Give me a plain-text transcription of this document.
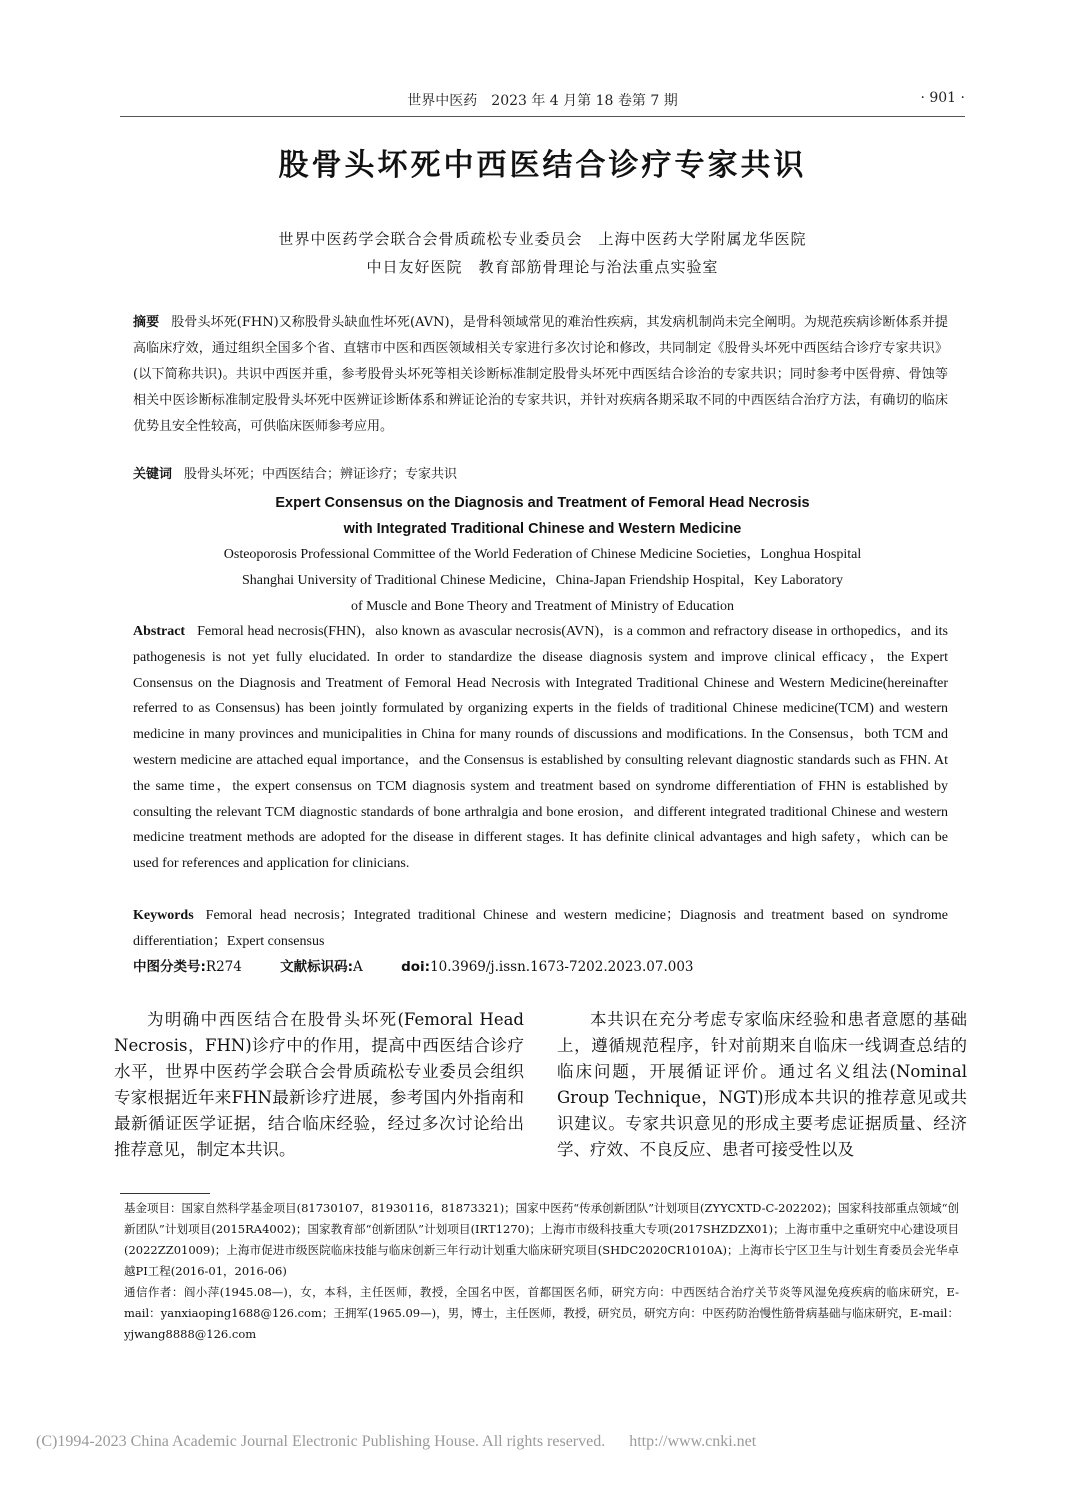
世界中医药　2023 年 4 月第 18 卷第 7 期	· 901 ·
股骨头坏死中西医结合诊疗专家共识
世界中医药学会联合会骨质疏松专业委员会　上海中医药大学附属龙华医院
中日友好医院　教育部筋骨理论与治法重点实验室
摘要 股骨头坏死(FHN)又称股骨头缺血性坏死(AVN)，是骨科领域常见的难治性疾病，其发病机制尚未完全阐明。为规范疾病诊断体系并提高临床疗效，通过组织全国多个省、直辖市中医和西医领域相关专家进行多次讨论和修改，共同制定《股骨头坏死中西医结合诊疗专家共识》(以下简称共识)。共识中西医并重，参考股骨头坏死等相关诊断标准制定股骨头坏死中西医结合诊治的专家共识；同时参考中医骨痹、骨蚀等相关中医诊断标准制定股骨头坏死中医辨证诊断体系和辨证论治的专家共识，并针对疾病各期采取不同的中西医结合治疗方法，有确切的临床优势且安全性较高，可供临床医师参考应用。
关键词 股骨头坏死；中西医结合；辨证诊疗；专家共识
Expert Consensus on the Diagnosis and Treatment of Femoral Head Necrosis
with Integrated Traditional Chinese and Western Medicine
Osteoporosis Professional Committee of the World Federation of Chinese Medicine Societies，Longhua Hospital
Shanghai University of Traditional Chinese Medicine，China-Japan Friendship Hospital，Key Laboratory
of Muscle and Bone Theory and Treatment of Ministry of Education
Abstract Femoral head necrosis(FHN)，also known as avascular necrosis(AVN)，is a common and refractory disease in orthopedics，and its pathogenesis is not yet fully elucidated. In order to standardize the disease diagnosis system and improve clinical efficacy，the Expert Consensus on the Diagnosis and Treatment of Femoral Head Necrosis with Integrated Traditional Chinese and Western Medicine(hereinafter referred to as Consensus) has been jointly formulated by organizing experts in the fields of traditional Chinese medicine(TCM) and western medicine in many provinces and municipalities in China for many rounds of discussions and modifications. In the Consensus，both TCM and western medicine are attached equal importance，and the Consensus is established by consulting relevant diagnostic standards such as FHN. At the same time，the expert consensus on TCM diagnosis system and treatment based on syndrome differentiation of FHN is established by consulting the relevant TCM diagnostic standards of bone arthralgia and bone erosion，and different integrated traditional Chinese and western medicine treatment methods are adopted for the disease in different stages. It has definite clinical advantages and high safety，which can be used for references and application for clinicians.
Keywords Femoral head necrosis；Integrated traditional Chinese and western medicine；Diagnosis and treatment based on syndrome differentiation；Expert consensus
中图分类号:R274	文献标识码:A	doi:10.3969/j.issn.1673-7202.2023.07.003

为明确中西医结合在股骨头坏死(Femoral Head Necrosis，FHN)诊疗中的作用，提高中西医结合诊疗水平，世界中医药学会联合会骨质疏松专业委员会组织专家根据近年来FHN最新诊疗进展，参考国内外指南和最新循证医学证据，结合临床经验，经过多次讨论给出推荐意见，制定本共识。

本共识在充分考虑专家临床经验和患者意愿的基础上，遵循规范程序，针对前期来自临床一线调查总结的临床问题，开展循证评价。通过名义组法(Nominal Group Technique，NGT)形成本共识的推荐意见或共识建议。专家共识意见的形成主要考虑证据质量、经济学、疗效、不良反应、患者可接受性以及

基金项目：国家自然科学基金项目(81730107，81930116，81873321)；国家中医药“传承创新团队”计划项目(ZYYCXTD-C-202202)；国家科技部重点领域“创新团队”计划项目(2015RA4002)；国家教育部“创新团队”计划项目(IRT1270)；上海市市级科技重大专项(2017SHZDZX01)；上海市重中之重研究中心建设项目(2022ZZ01009)；上海市促进市级医院临床技能与临床创新三年行动计划重大临床研究项目(SHDC2020CR1010A)；上海市长宁区卫生与计划生育委员会光华卓越PI工程(2016-01，2016-06)

通信作者：阎小萍(1945.08—)，女，本科，主任医师，教授，全国名中医，首都国医名师，研究方向：中西医结合治疗关节炎等风湿免疫疾病的临床研究，E-mail：yanxiaoping1688@126.com；王拥军(1965.09—)，男，博士，主任医师，教授，研究员，研究方向：中医药防治慢性筋骨病基础与临床研究，E-mail：yjwang8888@126.com

(C)1994-2023 China Academic Journal Electronic Publishing House. All rights reserved. http://www.cnki.net
